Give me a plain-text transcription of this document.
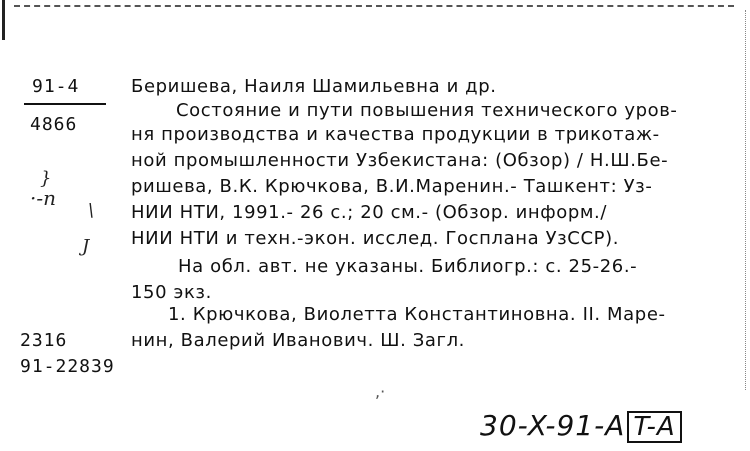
91-4
4866
}
·-n
\
J
Беришева, Наиля Шамильевна и др.
Состояние и пути повышения технического уров-
ня производства и качества продукции в трикотаж-
ной промышленности Узбекистана: (Обзор) / Н.Ш.Бе-
ришева, В.К. Крючкова, В.И.Маренин.- Ташкент: Уз-
НИИ НТИ, 1991.- 26 с.; 20 см.- (Обзор. информ./
НИИ НТИ и техн.-экон. исслед. Госплана УзССР).
На обл. авт. не указаны. Библиогр.: с. 25-26.-
150 экз.
1. Крючкова, Виолетта Константиновна. II. Маре-
нин, Валерий Иванович. Ш. Загл.
2316
91-22839
,·
30-X-91-A T-A
